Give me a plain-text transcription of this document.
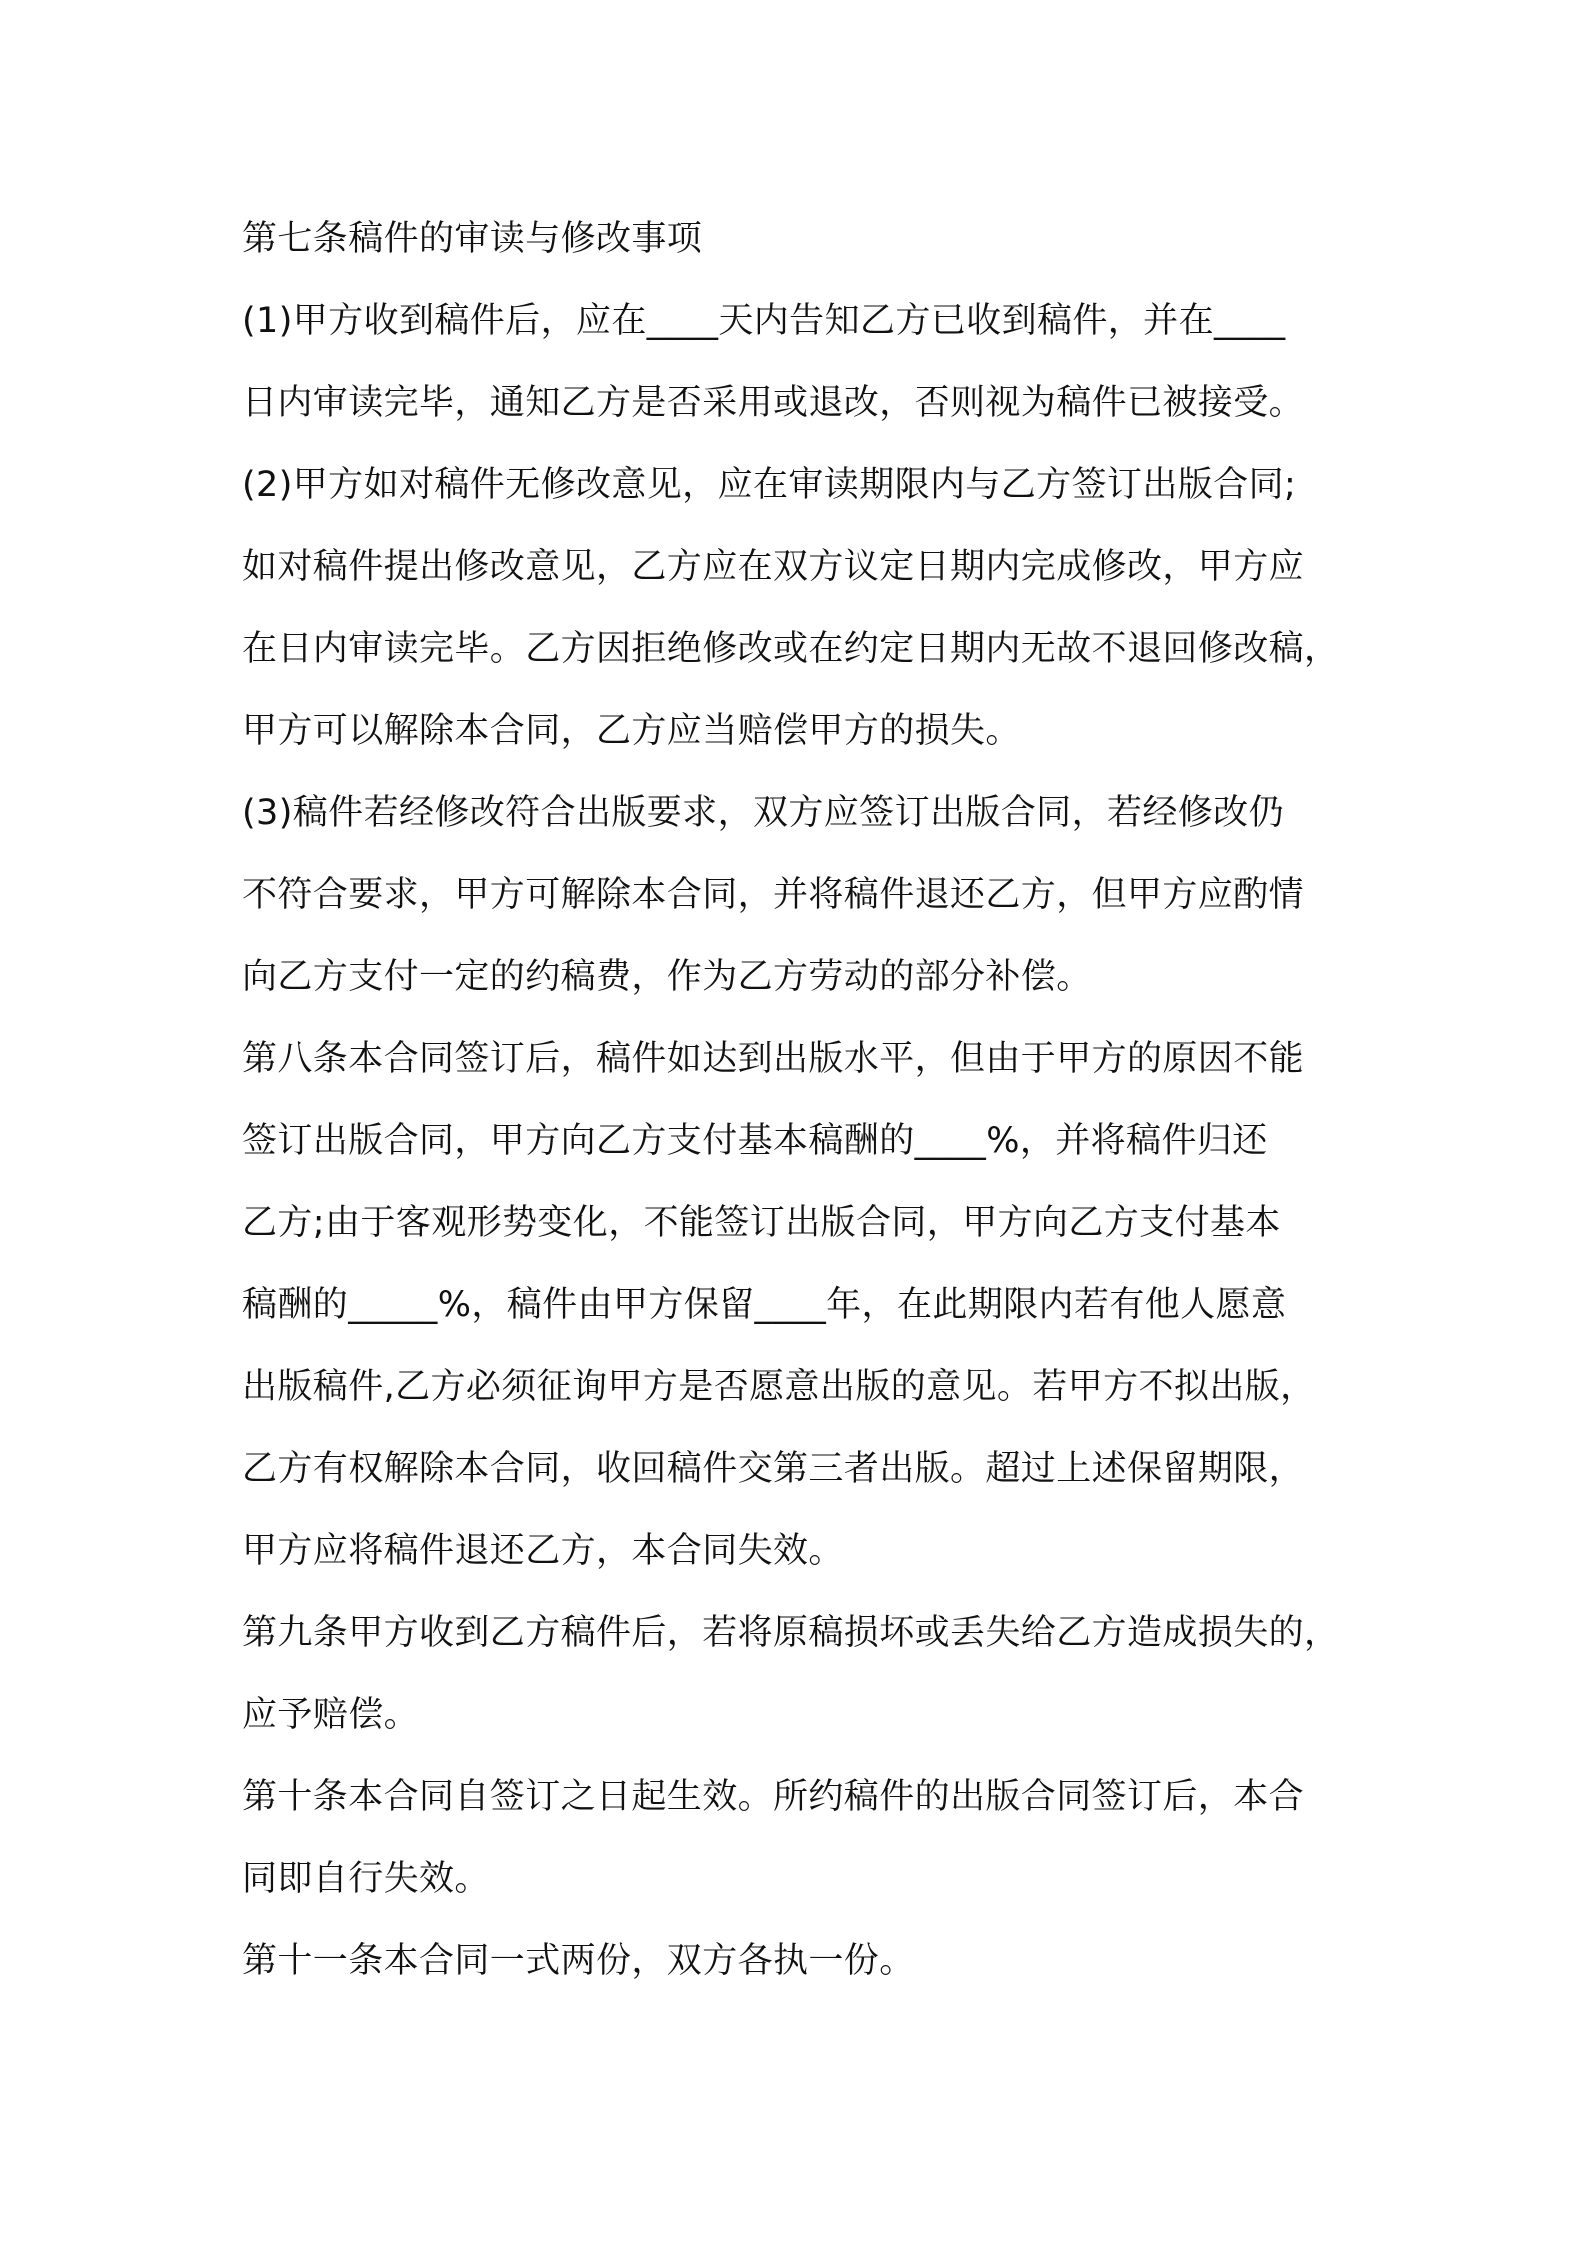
第七条稿件的审读与修改事项
(1)甲方收到稿件后，应在____天内告知乙方已收到稿件，并在____
日内审读完毕，通知乙方是否采用或退改，否则视为稿件已被接受。
(2)甲方如对稿件无修改意见，应在审读期限内与乙方签订出版合同;
如对稿件提出修改意见，乙方应在双方议定日期内完成修改，甲方应
在日内审读完毕。乙方因拒绝修改或在约定日期内无故不退回修改稿，
甲方可以解除本合同，乙方应当赔偿甲方的损失。
(3)稿件若经修改符合出版要求，双方应签订出版合同，若经修改仍
不符合要求，甲方可解除本合同，并将稿件退还乙方，但甲方应酌情
向乙方支付一定的约稿费，作为乙方劳动的部分补偿。
第八条本合同签订后，稿件如达到出版水平，但由于甲方的原因不能
签订出版合同，甲方向乙方支付基本稿酬的____%，并将稿件归还
乙方;由于客观形势变化，不能签订出版合同，甲方向乙方支付基本
稿酬的_____%，稿件由甲方保留____年，在此期限内若有他人愿意
出版稿件,乙方必须征询甲方是否愿意出版的意见。若甲方不拟出版，
乙方有权解除本合同，收回稿件交第三者出版。超过上述保留期限，
甲方应将稿件退还乙方，本合同失效。
第九条甲方收到乙方稿件后，若将原稿损坏或丢失给乙方造成损失的，
应予赔偿。
第十条本合同自签订之日起生效。所约稿件的出版合同签订后，本合
同即自行失效。
第十一条本合同一式两份，双方各执一份。
